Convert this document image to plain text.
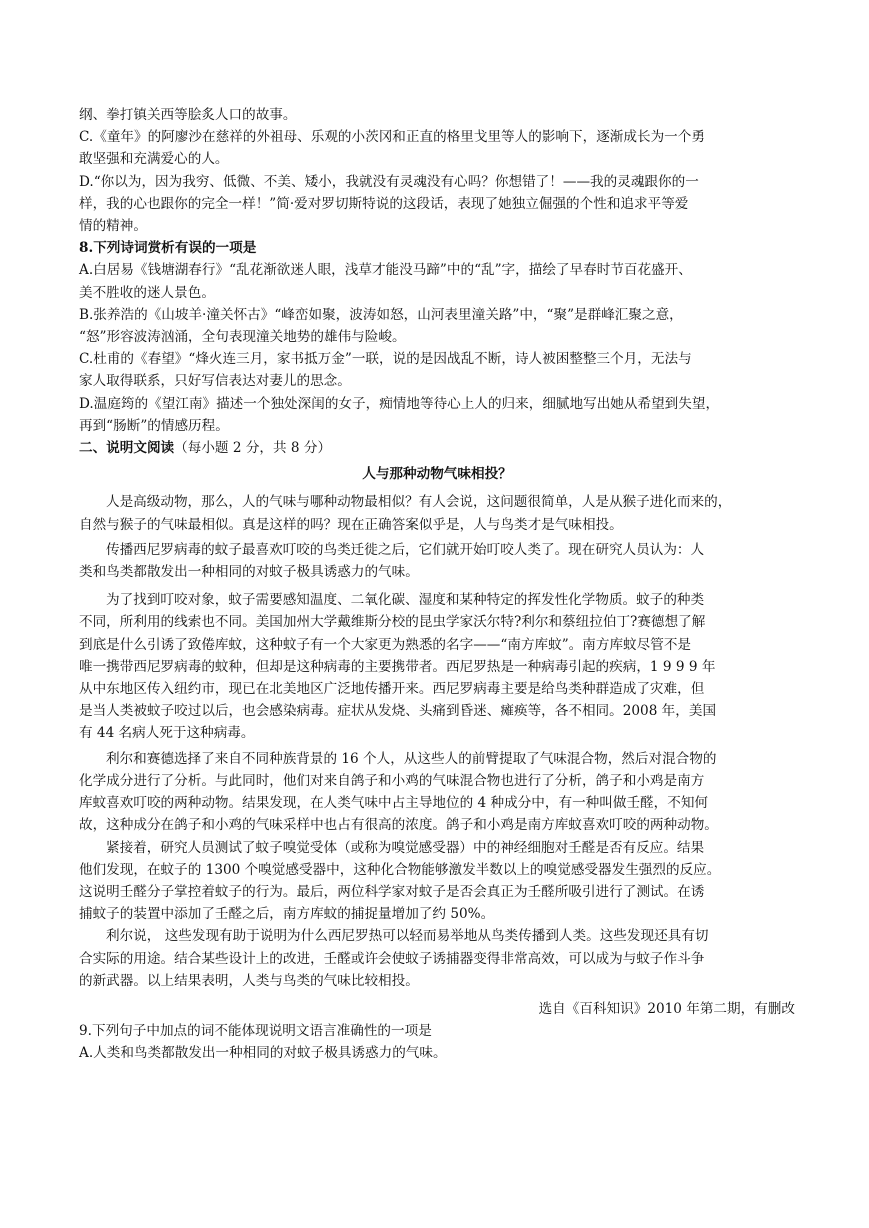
纲、拳打镇关西等脍炙人口的故事。
C.《童年》的阿廖沙在慈祥的外祖母、乐观的小茨冈和正直的格里戈里等人的影响下，逐渐成长为一个勇
敢坚强和充满爱心的人。
D.“你以为，因为我穷、低微、不美、矮小，我就没有灵魂没有心吗？你想错了！——我的灵魂跟你的一
样，我的心也跟你的完全一样！”简·爱对罗切斯特说的这段话，表现了她独立倔强的个性和追求平等爱
情的精神。
8.下列诗词赏析有误的一项是
A.白居易《钱塘湖春行》“乱花渐欲迷人眼，浅草才能没马蹄”中的“乱”字，描绘了早春时节百花盛开、
美不胜收的迷人景色。
B.张养浩的《山坡羊·潼关怀古》“峰峦如聚，波涛如怒，山河表里潼关路”中，“聚”是群峰汇聚之意，
“怒”形容波涛汹涌，全句表现潼关地势的雄伟与险峻。
C.杜甫的《春望》“烽火连三月，家书抵万金”一联，说的是因战乱不断，诗人被困整整三个月，无法与
家人取得联系，只好写信表达对妻儿的思念。
D.温庭筠的《望江南》描述一个独处深闺的女子，痴情地等待心上人的归来，细腻地写出她从希望到失望，
再到“肠断”的情感历程。
二、说明文阅读（每小题 2 分，共 8 分）
人与那种动物气味相投？
人是高级动物，那么，人的气味与哪种动物最相似？有人会说，这问题很简单，人是从猴子进化而来的，
自然与猴子的气味最相似。真是这样的吗？现在正确答案似乎是，人与鸟类才是气味相投。
传播西尼罗病毒的蚊子最喜欢叮咬的鸟类迁徙之后，它们就开始叮咬人类了。现在研究人员认为：人
类和鸟类都散发出一种相同的对蚊子极具诱惑力的气味。
为了找到叮咬对象，蚊子需要感知温度、二氧化碳、湿度和某种特定的挥发性化学物质。蚊子的种类
不同，所利用的线索也不同。美国加州大学戴维斯分校的昆虫学家沃尔特?利尔和蔡纽拉伯丁?赛德想了解
到底是什么引诱了致倦库蚊，这种蚊子有一个大家更为熟悉的名字——“南方库蚊”。南方库蚊尽管不是
唯一携带西尼罗病毒的蚊种，但却是这种病毒的主要携带者。西尼罗热是一种病毒引起的疾病，1 9 9 9 年
从中东地区传入纽约市，现已在北美地区广泛地传播开来。西尼罗病毒主要是给鸟类种群造成了灾难，但
是当人类被蚊子咬过以后，也会感染病毒。症状从发烧、头痛到昏迷、瘫痪等，各不相同。2008 年，美国
有 44 名病人死于这种病毒。
利尔和赛德选择了来自不同种族背景的 16 个人，从这些人的前臂提取了气味混合物，然后对混合物的
化学成分进行了分析。与此同时，他们对来自鸽子和小鸡的气味混合物也进行了分析，鸽子和小鸡是南方
库蚊喜欢叮咬的两种动物。结果发现，在人类气味中占主导地位的 4 种成分中，有一种叫做壬醛，不知何
故，这种成分在鸽子和小鸡的气味采样中也占有很高的浓度。鸽子和小鸡是南方库蚊喜欢叮咬的两种动物。
紧接着，研究人员测试了蚊子嗅觉受体（或称为嗅觉感受器）中的神经细胞对壬醛是否有反应。结果
他们发现，在蚊子的 1300 个嗅觉感受器中，这种化合物能够激发半数以上的嗅觉感受器发生强烈的反应。
这说明壬醛分子掌控着蚊子的行为。最后，两位科学家对蚊子是否会真正为壬醛所吸引进行了测试。在诱
捕蚊子的装置中添加了壬醛之后，南方库蚊的捕捉量增加了约 50%。
利尔说， 这些发现有助于说明为什么西尼罗热可以轻而易举地从鸟类传播到人类。这些发现还具有切
合实际的用途。结合某些设计上的改进，壬醛或许会使蚊子诱捕器变得非常高效，可以成为与蚊子作斗争
的新武器。以上结果表明，人类与鸟类的气味比较相投。
选自《百科知识》2010 年第二期，有删改
9.下列句子中加点的词不能体现说明文语言准确性的一项是
A.人类和鸟类都散发出一种相同的对蚊子极具诱惑力的气味。
